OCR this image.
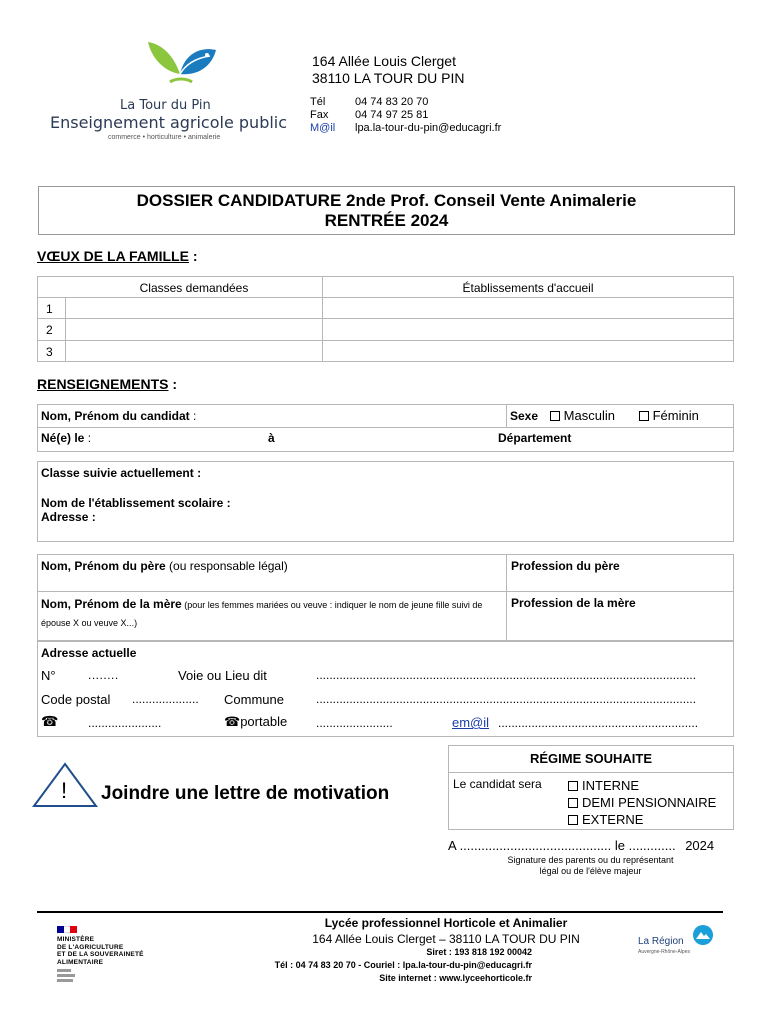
La Tour du Pin
Enseignement agricole public
commerce • horticulture • animalerie
164 Allée Louis Clerget
38110 LA TOUR DU PIN
Tél	04 74 83 20 70
Fax 04 74 97 25 81
M@il lpa.la-tour-du-pin@educagri.fr
DOSSIER CANDIDATURE 2nde Prof. Conseil Vente Animalerie
RENTRÉE 2024
VŒUX DE LA FAMILLE :
Classes demandées	Établissements d'accueil
1
2
3
RENSEIGNEMENTS :
Nom, Prénom du candidat :	Sexe Masculin	Féminin
Né(e) le :	à	Département
Classe suivie actuellement :
Nom de l'établissement scolaire :
Adresse :
Nom, Prénom du père (ou responsable légal)	Profession du père
Nom, Prénom de la mère (pour les femmes mariées ou veuve : indiquer le nom de jeune fille suivi de épouse X ou veuve X...)
Profession de la mère
Adresse actuelle
N°	........	Voie ou Lieu dit	..................................................................................................................
Code postal .................... Commune	..................................................................................................................
☎ ......................	☎portable .......................	em@il ............................................................
! Joindre une lettre de motivation
RÉGIME SOUHAITE
Le candidat sera	INTERNE
DEMI PENSIONNAIRE
EXTERNE
A .......................................... le ............. 2024
Signature des parents ou du représentant
légal ou de l'élève majeur
MINISTÈRE
DE L'AGRICULTURE
ET DE LA SOUVERAINETÉ
ALIMENTAIRE
Lycée professionnel Horticole et Animalier
164 Allée Louis Clerget – 38110 LA TOUR DU PIN
Siret : 193 818 192 00042
Tél : 04 74 83 20 70 - Couriel : lpa.la-tour-du-pin@educagri.fr
Site internet : www.lyceehorticole.fr
La Région
Auvergne-Rhône-Alpes
